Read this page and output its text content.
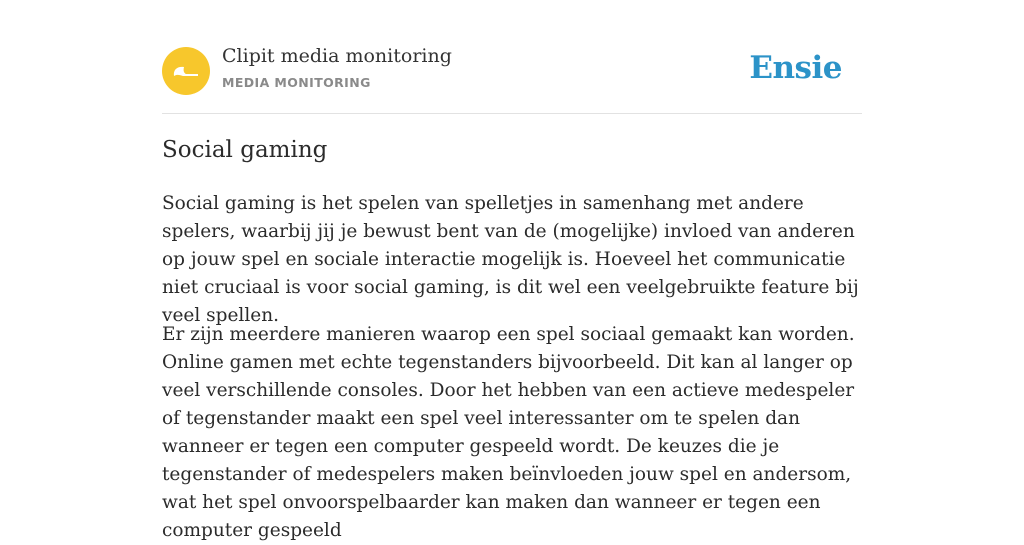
Clipit media monitoring
MEDIA MONITORING	Ensie
Social gaming

Social gaming is het spelen van spelletjes in samenhang met andere spelers, waarbij jij je bewust bent van de (mogelijke) invloed van anderen op jouw spel en sociale interactie mogelijk is. Hoeveel het communicatie niet cruciaal is voor social gaming, is dit wel een veelgebruikte feature bij veel spellen.

Er zijn meerdere manieren waarop een spel sociaal gemaakt kan worden. Online gamen met echte tegenstanders bijvoorbeeld. Dit kan al langer op veel verschillende consoles. Door het hebben van een actieve medespeler of tegenstander maakt een spel veel interessanter om te spelen dan wanneer er tegen een computer gespeeld wordt. De keuzes die je tegenstander of medespelers maken beïnvloeden jouw spel en andersom, wat het spel onvoorspelbaarder kan maken dan wanneer er tegen een computer gespeeld
